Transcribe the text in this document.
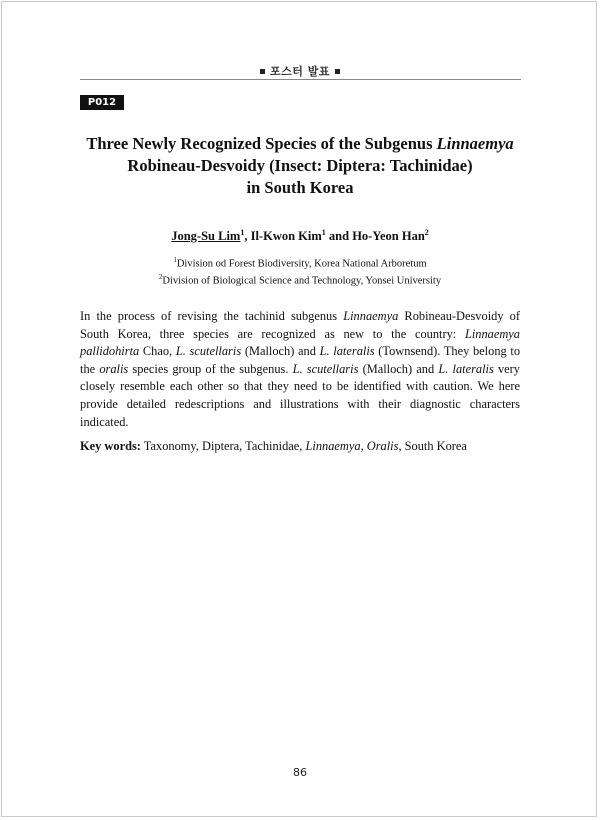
포스터 발표
P012
Three Newly Recognized Species of the Subgenus Linnaemya
Robineau-Desvoidy (Insect: Diptera: Tachinidae)
in South Korea
Jong-Su Lim$^1$, Il-Kwon Kim$^1$ and Ho-Yeon Han$^2$
$^1$Division od Forest Biodiversity, Korea National Arboretum
$^2$Division of Biological Science and Technology, Yonsei University

In the process of revising the tachinid subgenus Linnaemya Robineau-Desvoidy of South Korea, three species are recognized as new to the country: Linnaemya pallidohirta Chao, L. scutellaris (Malloch) and L. lateralis (Townsend). They belong to the oralis species group of the subgenus. L. scutellaris (Malloch) and L. lateralis very closely resemble each other so that they need to be identified with caution. We here provide detailed redescriptions and illustrations with their diagnostic characters indicated.

Key words: Taxonomy, Diptera, Tachinidae, Linnaemya, Oralis, South Korea
86
